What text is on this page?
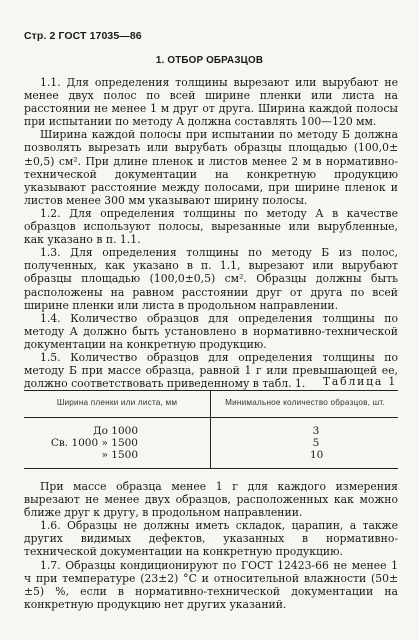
Стр. 2 ГОСТ 17035—86
1. ОТБОР ОБРАЗЦОВ

1.1. Для определения толщины вырезают или вырубают не менее двух полос по всей ширине пленки или листа на расстоянии не менее 1 м друг от друга. Ширина каждой полосы при испытании по методу А должна составлять 100—120 мм.

Ширина каждой полосы при испытании по методу Б должна позволять вырезать или вырубать образцы площадью (100,0± ±0,5) см². При длине пленок и листов менее 2 м в нормативно-технической документации на конкретную продукцию указывают расстояние между полосами, при ширине пленок и листов менее 300 мм указывают ширину полосы.

1.2. Для определения толщины по методу А в качестве образцов используют полосы, вырезанные или вырубленные, как указано в п. 1.1.

1.3. Для определения толщины по методу Б из полос, полученных, как указано в п. 1.1, вырезают или вырубают образцы площадью (100,0±0,5) см². Образцы должны быть расположены на равном расстоянии друг от друга по всей ширине пленки или листа в продольном направлении.

1.4. Количество образцов для определения толщины по методу А должно быть установлено в нормативно-технической документации на конкретную продукцию.

1.5. Количество образцов для определения толщины по методу Б при массе образца, равной 1 г или превышающей ее, должно соответствовать приведенному в табл. 1.	Таблица 1
Ширина пленки или листа, мм	Минимальное количество образцов, шт.
До 1000	3
Св. 1000 » 1500	5
» 1500	10

При массе образца менее 1 г для каждого измерения вырезают не менее двух образцов, расположенных как можно ближе друг к другу, в продольном направлении.

1.6. Образцы не должны иметь складок, царапин, а также других видимых дефектов, указанных в нормативно-технической документации на конкретную продукцию.

1.7. Образцы кондиционируют по ГОСТ 12423-66 не менее 1 ч при температуре (23±2) °С и относительной влажности (50± ±5) %, если в нормативно-технической документации на конкретную продукцию нет других указаний.
